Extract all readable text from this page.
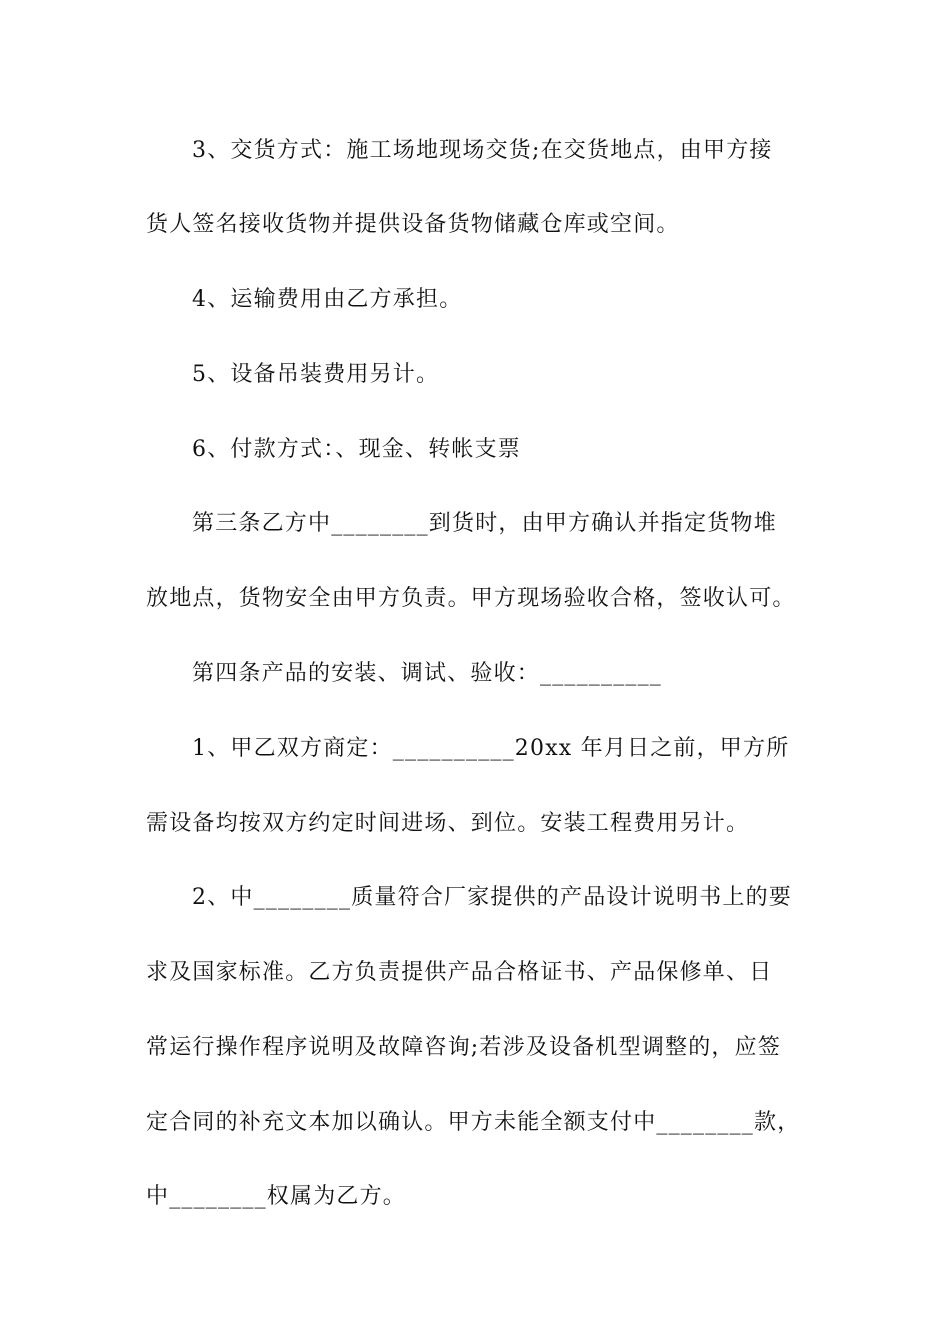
3、交货方式：施工场地现场交货;在交货地点，由甲方接
货人签名接收货物并提供设备货物储藏仓库或空间。
4、运输费用由乙方承担。
5、设备吊装费用另计。
6、付款方式：、现金、转帐支票
第三条乙方中________到货时，由甲方确认并指定货物堆
放地点，货物安全由甲方负责。甲方现场验收合格，签收认可。
第四条产品的安装、调试、验收：__________
1、甲乙双方商定：__________20xx 年月日之前，甲方所
需设备均按双方约定时间进场、到位。安装工程费用另计。
2、中________质量符合厂家提供的产品设计说明书上的要
求及国家标准。乙方负责提供产品合格证书、产品保修单、日
常运行操作程序说明及故障咨询;若涉及设备机型调整的，应签
定合同的补充文本加以确认。甲方未能全额支付中________款，
中________权属为乙方。
